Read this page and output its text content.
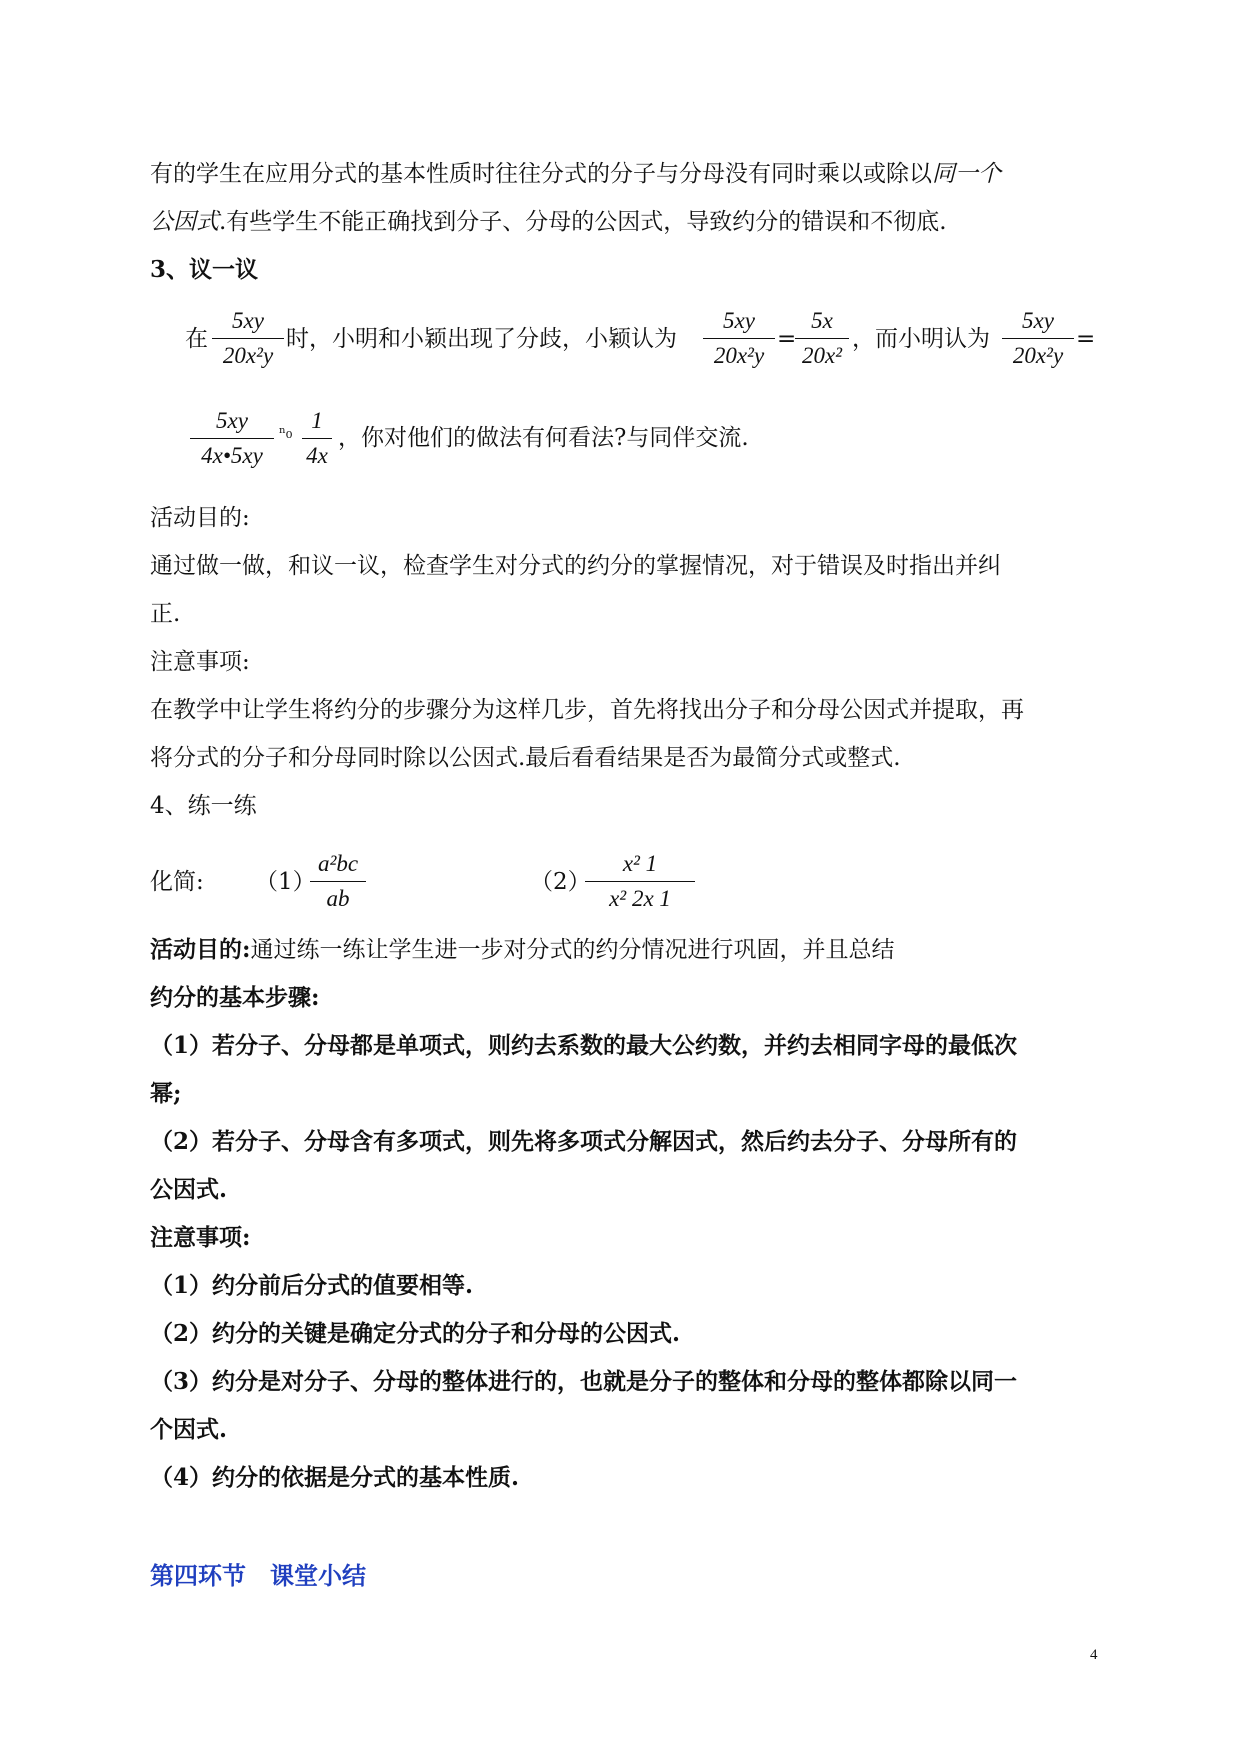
有的学生在应用分式的基本性质时往往分式的分子与分母没有同时乘以或除以同一个
公因式.有些学生不能正确找到分子、分母的公因式，导致约分的错误和不彻底.
3、议一议
在
5xy
20x²y
时，小明和小颖出现了分歧，小颖认为
5xy
20x²y
=
5x
20x²
，而小明认为
5xy
20x²y
=
5xy
4x•5xy
ⁿ₀ 1
4x
，你对他们的做法有何看法?与同伴交流.
活动目的:
通过做一做，和议一议，检查学生对分式的约分的掌握情况，对于错误及时指出并纠
正.
注意事项:
在教学中让学生将约分的步骤分为这样几步，首先将找出分子和分母公因式并提取，再
将分式的分子和分母同时除以公因式.最后看看结果是否为最简分式或整式.
4、练一练
化简: （1）
a²bc
ab
（2）
x² 1
x² 2x 1
活动目的:通过练一练让学生进一步对分式的约分情况进行巩固，并且总结
约分的基本步骤:
（1）若分子、分母都是单项式，则约去系数的最大公约数，并约去相同字母的最低次
幂;
（2）若分子、分母含有多项式，则先将多项式分解因式，然后约去分子、分母所有的
公因式.
注意事项:
（1）约分前后分式的值要相等.
（2）约分的关键是确定分式的分子和分母的公因式.
（3）约分是对分子、分母的整体进行的，也就是分子的整体和分母的整体都除以同一
个因式.
（4）约分的依据是分式的基本性质.
第四环节　课堂小结
4
